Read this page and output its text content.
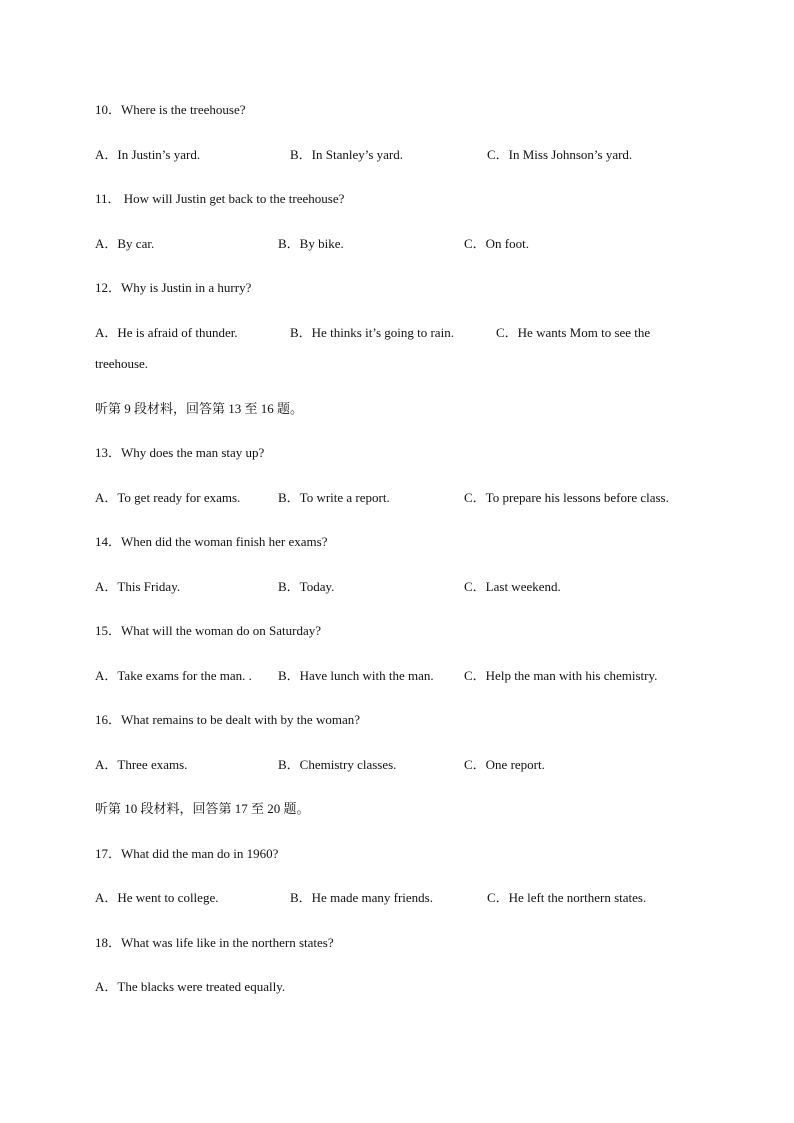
10．Where is the treehouse?
A．In Justin’s yard.	B．In Stanley’s yard.	C．In Miss Johnson’s yard.
11． How will Justin get back to the treehouse?
A．By car.	B．By bike.	C．On foot.
12．Why is Justin in a hurry?
A．He is afraid of thunder.	B．He thinks it’s going to rain.	C．He wants Mom to see the
treehouse.
听第 9 段材料，回答第 13 至 16 题。
13．Why does the man stay up?
A．To get ready for exams.	B．To write a report.	C．To prepare his lessons before class.
14．When did the woman finish her exams?
A．This Friday.	B．Today.	C．Last weekend.
15．What will the woman do on Saturday?
A．Take exams for the man. . B．Have lunch with the man. C．Help the man with his chemistry.
16．What remains to be dealt with by the woman?
A．Three exams.	B．Chemistry classes.	C．One report.
听第 10 段材料，回答第 17 至 20 题。
17．What did the man do in 1960?
A．He went to college.	B．He made many friends.	C．He left the northern states.
18．What was life like in the northern states?
A．The blacks were treated equally.
